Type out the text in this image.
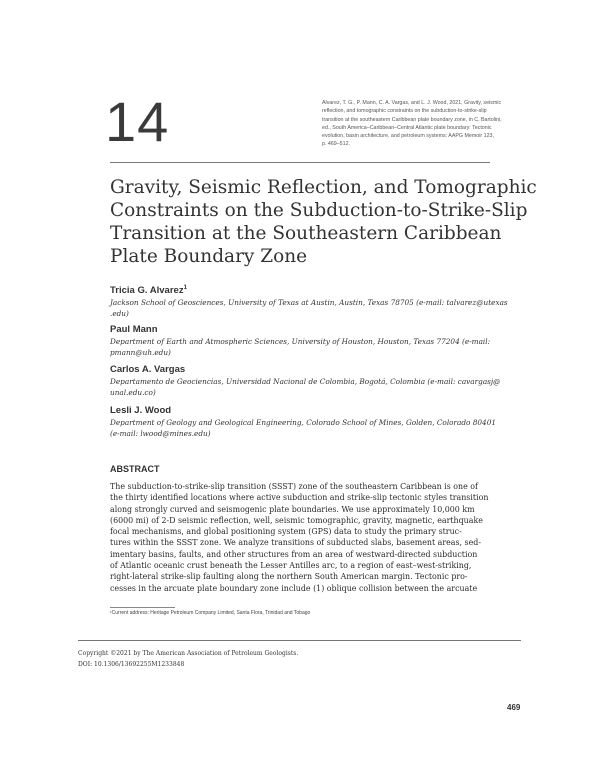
14	Alvarez, T. G., P. Mann, C. A. Vargas, and L. J. Wood, 2021, Gravity, seismic
reflection, and tomographic constraints on the subduction-to-strike-slip
transition at the southeastern Caribbean plate boundary zone, in C. Bartolini,
ed., South America–Caribbean–Central Atlantic plate boundary: Tectonic
evolution, basin architecture, and petroleum systems: AAPG Memoir 123,
p. 469–512.
Gravity, Seismic Reflection, and Tomographic
Constraints on the Subduction-to-Strike-Slip
Transition at the Southeastern Caribbean
Plate Boundary Zone
Tricia G. Alvarez$^1$
Jackson School of Geosciences, University of Texas at Austin, Austin, Texas 78705 (e-mail: talvarez@utexas
.edu)
Paul Mann
Department of Earth and Atmospheric Sciences, University of Houston, Houston, Texas 77204 (e-mail:
pmann@uh.edu)
Carlos A. Vargas
Departamento de Geociencias, Universidad Nacional de Colombia, Bogotá, Colombia (e-mail: cavargasj@
unal.edu.co)
Lesli J. Wood
Department of Geology and Geological Engineering, Colorado School of Mines, Golden, Colorado 80401
(e-mail: lwood@mines.edu)
ABSTRACT
The subduction-to-strike-slip transition (SSST) zone of the southeastern Caribbean is one of
the thirty identified locations where active subduction and strike-slip tectonic styles transition
along strongly curved and seismogenic plate boundaries. We use approximately 10,000 km
(6000 mi) of 2-D seismic reflection, well, seismic tomographic, gravity, magnetic, earthquake
focal mechanisms, and global positioning system (GPS) data to study the primary struc-
tures within the SSST zone. We analyze transitions of subducted slabs, basement areas, sed-
imentary basins, faults, and other structures from an area of westward-directed subduction
of Atlantic oceanic crust beneath the Lesser Antilles arc, to a region of east–west-striking,
right-lateral strike-slip faulting along the northern South American margin. Tectonic pro-
cesses in the arcuate plate boundary zone include (1) oblique collision between the arcuate
¹Current address: Heritage Petroleum Company Limited, Santa Flora, Trinidad and Tobago
Copyright ©2021 by The American Association of Petroleum Geologists.
DOI: 10.1306/13692255M1233848
469
